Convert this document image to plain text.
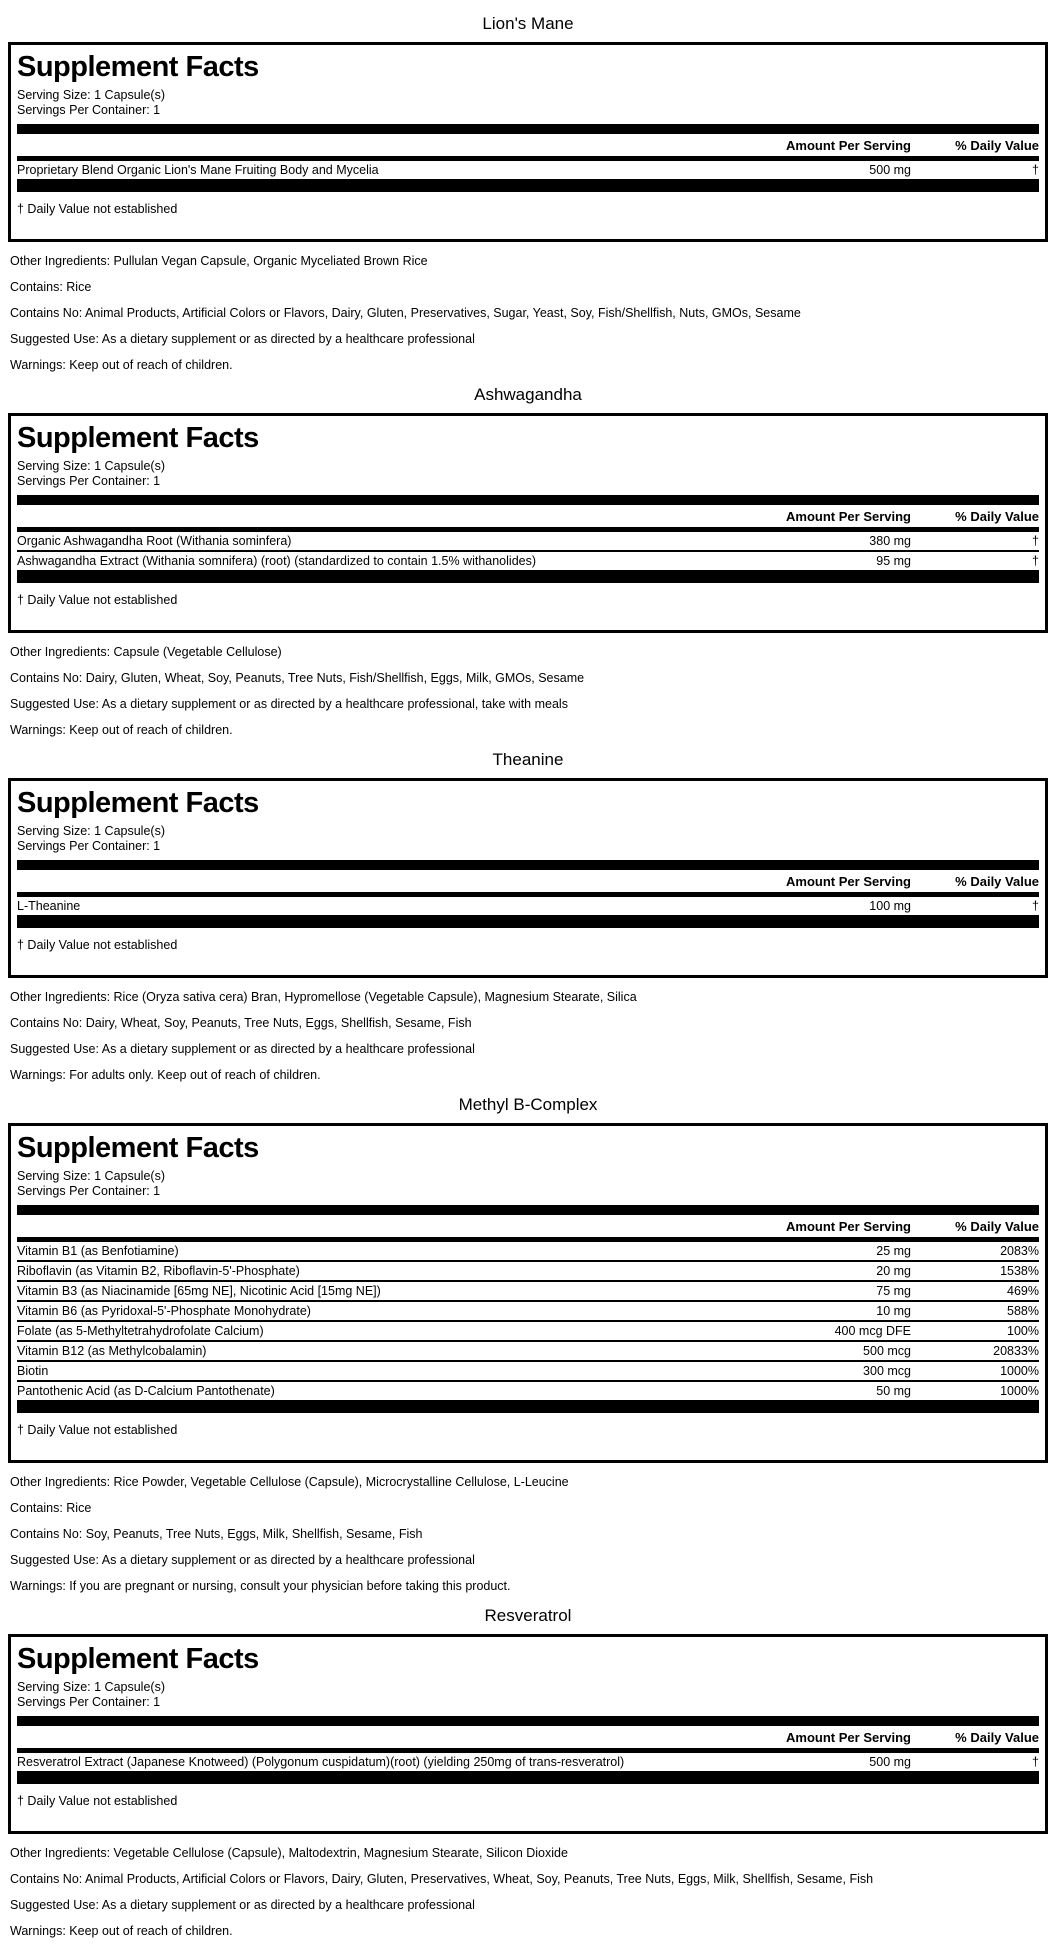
Lion's Mane
Supplement Facts
Serving Size: 1 Capsule(s)
Servings Per Container: 1
Amount Per Serving	% Daily Value
Proprietary Blend Organic Lion's Mane Fruiting Body and Mycelia	500 mg	†
† Daily Value not established

Other Ingredients: Pullulan Vegan Capsule, Organic Myceliated Brown Rice

Contains: Rice

Contains No: Animal Products, Artificial Colors or Flavors, Dairy, Gluten, Preservatives, Sugar, Yeast, Soy, Fish/Shellfish, Nuts, GMOs, Sesame

Suggested Use: As a dietary supplement or as directed by a healthcare professional

Warnings: Keep out of reach of children.

Ashwagandha
Supplement Facts
Serving Size: 1 Capsule(s)
Servings Per Container: 1
Amount Per Serving	% Daily Value
Organic Ashwagandha Root (Withania sominfera)	380 mg	†
Ashwagandha Extract (Withania somnifera) (root) (standardized to contain 1.5% withanolides)	95 mg	†
† Daily Value not established

Other Ingredients: Capsule (Vegetable Cellulose)

Contains No: Dairy, Gluten, Wheat, Soy, Peanuts, Tree Nuts, Fish/Shellfish, Eggs, Milk, GMOs, Sesame

Suggested Use: As a dietary supplement or as directed by a healthcare professional, take with meals

Warnings: Keep out of reach of children.

Theanine
Supplement Facts
Serving Size: 1 Capsule(s)
Servings Per Container: 1
Amount Per Serving	% Daily Value
L-Theanine	100 mg	†
† Daily Value not established

Other Ingredients: Rice (Oryza sativa cera) Bran, Hypromellose (Vegetable Capsule), Magnesium Stearate, Silica

Contains No: Dairy, Wheat, Soy, Peanuts, Tree Nuts, Eggs, Shellfish, Sesame, Fish

Suggested Use: As a dietary supplement or as directed by a healthcare professional

Warnings: For adults only. Keep out of reach of children.

Methyl B-Complex
Supplement Facts
Serving Size: 1 Capsule(s)
Servings Per Container: 1
Amount Per Serving	% Daily Value
Vitamin B1 (as Benfotiamine)	25 mg	2083%
Riboflavin (as Vitamin B2, Riboflavin-5'-Phosphate)	20 mg	1538%
Vitamin B3 (as Niacinamide [65mg NE], Nicotinic Acid [15mg NE])	75 mg	469%
Vitamin B6 (as Pyridoxal-5'-Phosphate Monohydrate)	10 mg	588%
Folate (as 5-Methyltetrahydrofolate Calcium)	400 mcg DFE	100%
Vitamin B12 (as Methylcobalamin)	500 mcg	20833%
Biotin	300 mcg	1000%
Pantothenic Acid (as D-Calcium Pantothenate)	50 mg	1000%
† Daily Value not established

Other Ingredients: Rice Powder, Vegetable Cellulose (Capsule), Microcrystalline Cellulose, L-Leucine

Contains: Rice

Contains No: Soy, Peanuts, Tree Nuts, Eggs, Milk, Shellfish, Sesame, Fish

Suggested Use: As a dietary supplement or as directed by a healthcare professional

Warnings: If you are pregnant or nursing, consult your physician before taking this product.

Resveratrol
Supplement Facts
Serving Size: 1 Capsule(s)
Servings Per Container: 1
Amount Per Serving	% Daily Value
Resveratrol Extract (Japanese Knotweed) (Polygonum cuspidatum)(root) (yielding 250mg of trans-resveratrol)	500 mg	†
† Daily Value not established

Other Ingredients: Vegetable Cellulose (Capsule), Maltodextrin, Magnesium Stearate, Silicon Dioxide

Contains No: Animal Products, Artificial Colors or Flavors, Dairy, Gluten, Preservatives, Wheat, Soy, Peanuts, Tree Nuts, Eggs, Milk, Shellfish, Sesame, Fish

Suggested Use: As a dietary supplement or as directed by a healthcare professional

Warnings: Keep out of reach of children.
